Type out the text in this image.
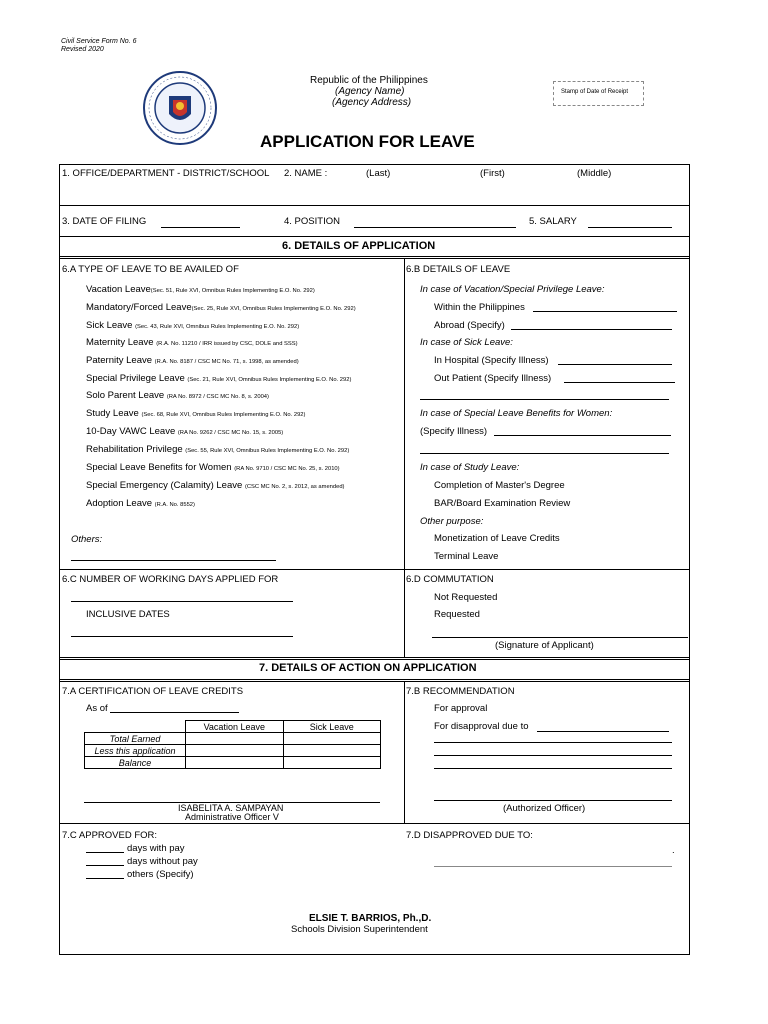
Civil Service Form No. 6
Revised 2020
Republic of the Philippines
(Agency Name)
(Agency Address)
Stamp of Date of Receipt
APPLICATION FOR LEAVE
1. OFFICE/DEPARTMENT - DISTRICT/SCHOOL 2. NAME :	(Last)	(First)	(Middle)
3. DATE OF FILING	4. POSITION	5. SALARY
6. DETAILS OF APPLICATION
6.A TYPE OF LEAVE TO BE AVAILED OF
Vacation Leave(Sec. 51, Rule XVI, Omnibus Rules Implementing E.O. No. 292)
Mandatory/Forced Leave(Sec. 25, Rule XVI, Omnibus Rules Implementing E.O. No. 292)
Sick Leave (Sec. 43, Rule XVI, Omnibus Rules Implementing E.O. No. 292)
Maternity Leave (R.A. No. 11210 / IRR issued by CSC, DOLE and SSS)
Paternity Leave (R.A. No. 8187 / CSC MC No. 71, s. 1998, as amended)
Special Privilege Leave (Sec. 21, Rule XVI, Omnibus Rules Implementing E.O. No. 292)
Solo Parent Leave (RA No. 8972 / CSC MC No. 8, s. 2004)
Study Leave (Sec. 68, Rule XVI, Omnibus Rules Implementing E.O. No. 292)
10-Day VAWC Leave (RA No. 9262 / CSC MC No. 15, s. 2005)
Rehabilitation Privilege (Sec. 55, Rule XVI, Omnibus Rules Implementing E.O. No. 292)
Special Leave Benefits for Women (RA No. 9710 / CSC MC No. 25, s. 2010)
Special Emergency (Calamity) Leave (CSC MC No. 2, s. 2012, as amended)
Adoption Leave (R.A. No. 8552)
Others:
6.B DETAILS OF LEAVE
In case of Vacation/Special Privilege Leave:
Within the Philippines
Abroad (Specify)
In case of Sick Leave:
In Hospital (Specify Illness)
Out Patient (Specify Illness)
In case of Special Leave Benefits for Women:
(Specify Illness)
In case of Study Leave:
Completion of Master's Degree
BAR/Board Examination Review
Other purpose:
Monetization of Leave Credits
Terminal Leave
6.C NUMBER OF WORKING DAYS APPLIED FOR
INCLUSIVE DATES
6.D COMMUTATION
Not Requested
Requested
(Signature of Applicant)
7. DETAILS OF ACTION ON APPLICATION
7.A CERTIFICATION OF LEAVE CREDITS
As of
	Vacation Leave	Sick Leave
Total Earned		
Less this application		
Balance		
ISABELITA A. SAMPAYAN
Administrative Officer V
7.B RECOMMENDATION
For approval
For disapproval due to
(Authorized Officer)
7.C APPROVED FOR:
days with pay
days without pay
others (Specify)
7.D DISAPPROVED DUE TO:
.
ELSIE T. BARRIOS, Ph.,D.
Schools Division Superintendent
